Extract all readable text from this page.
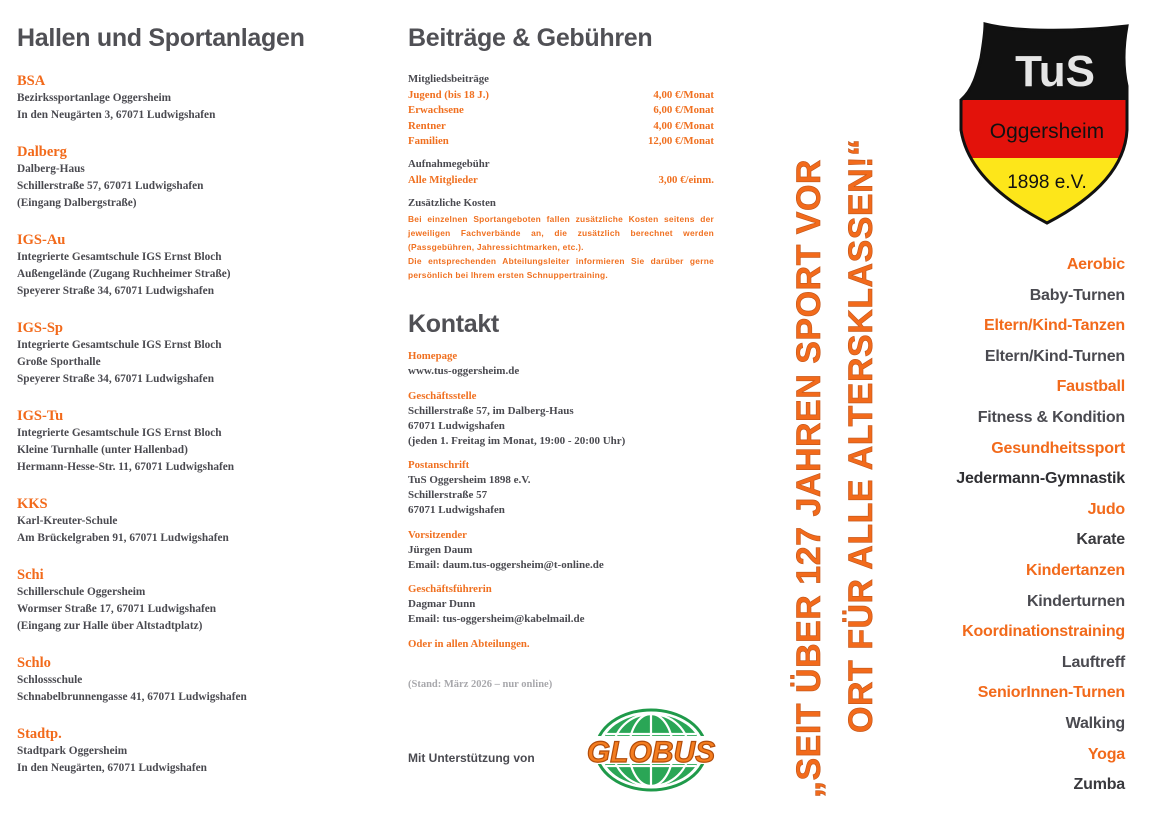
Hallen und Sportanlagen
BSA
Bezirkssportanlage Oggersheim
In den Neugärten 3, 67071 Ludwigshafen
Dalberg
Dalberg-Haus
Schillerstraße 57, 67071 Ludwigshafen
(Eingang Dalbergstraße)
IGS-Au
Integrierte Gesamtschule IGS Ernst Bloch
Außengelände (Zugang Ruchheimer Straße)
Speyerer Straße 34, 67071 Ludwigshafen
IGS-Sp
Integrierte Gesamtschule IGS Ernst Bloch
Große Sporthalle
Speyerer Straße 34, 67071 Ludwigshafen
IGS-Tu
Integrierte Gesamtschule IGS Ernst Bloch
Kleine Turnhalle (unter Hallenbad)
Hermann-Hesse-Str. 11, 67071 Ludwigshafen
KKS
Karl-Kreuter-Schule
Am Brückelgraben 91, 67071 Ludwigshafen
Schi
Schillerschule Oggersheim
Wormser Straße 17, 67071 Ludwigshafen
(Eingang zur Halle über Altstadtplatz)
Schlo
Schlossschule
Schnabelbrunnengasse 41, 67071 Ludwigshafen
Stadtp.
Stadtpark Oggersheim
In den Neugärten, 67071 Ludwigshafen
Beiträge & Gebühren
Mitgliedsbeiträge
Jugend (bis 18 J.)	4,00 €/Monat
Erwachsene	6,00 €/Monat
Rentner	4,00 €/Monat
Familien	12,00 €/Monat
Aufnahmegebühr
Alle Mitglieder	3,00 €/einm.
Zusätzliche Kosten
Bei einzelnen Sportangeboten fallen zusätzliche Kosten seitens der jeweiligen Fachverbände an, die zusätzlich berechnet werden (Passgebühren, Jahressichtmarken, etc.).
Die entsprechenden Abteilungsleiter informieren Sie darüber gerne persönlich bei Ihrem ersten Schnuppertraining.
Kontakt
Homepage
www.tus-oggersheim.de
Geschäftsstelle
Schillerstraße 57, im Dalberg-Haus
67071 Ludwigshafen
(jeden 1. Freitag im Monat, 19:00 - 20:00 Uhr)
Postanschrift
TuS Oggersheim 1898 e.V.
Schillerstraße 57
67071 Ludwigshafen
Vorsitzender
Jürgen Daum
Email: daum.tus-oggersheim@t-online.de
Geschäftsführerin
Dagmar Dunn
Email: tus-oggersheim@kabelmail.de
Oder in allen Abteilungen.
(Stand: März 2026 – nur online)
Mit Unterstützung von GLOBUS „SEIT ÜBER 127 JAHREN SPORT VOR ORT FÜR ALLE ALTERSKLASSEN!“
TuS
Oggersheim
1898 e.V.
Aerobic
Baby-Turnen
Eltern/Kind-Tanzen
Eltern/Kind-Turnen
Faustball
Fitness & Kondition
Gesundheitssport
Jedermann-Gymnastik
Judo
Karate
Kindertanzen
Kinderturnen
Koordinationstraining
Lauftreff
SeniorInnen-Turnen
Walking
Yoga
Zumba
